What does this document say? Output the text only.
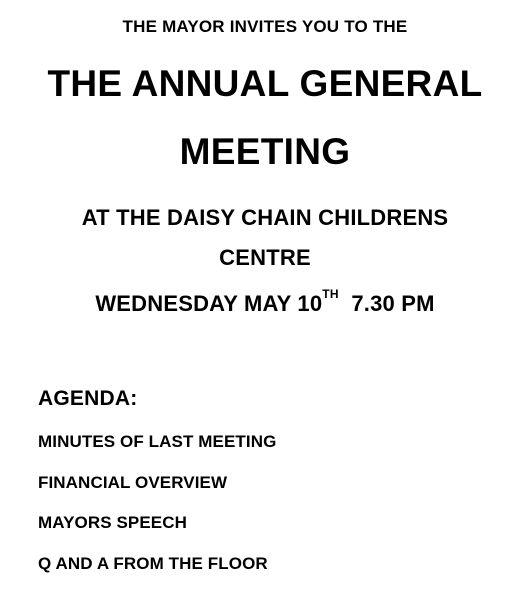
THE MAYOR INVITES YOU TO THE
THE ANNUAL GENERAL
MEETING
AT THE DAISY CHAIN CHILDRENS
CENTRE
WEDNESDAY MAY 10TH 7.30 PM
AGENDA:
MINUTES OF LAST MEETING
FINANCIAL OVERVIEW
MAYORS SPEECH
Q AND A FROM THE FLOOR
